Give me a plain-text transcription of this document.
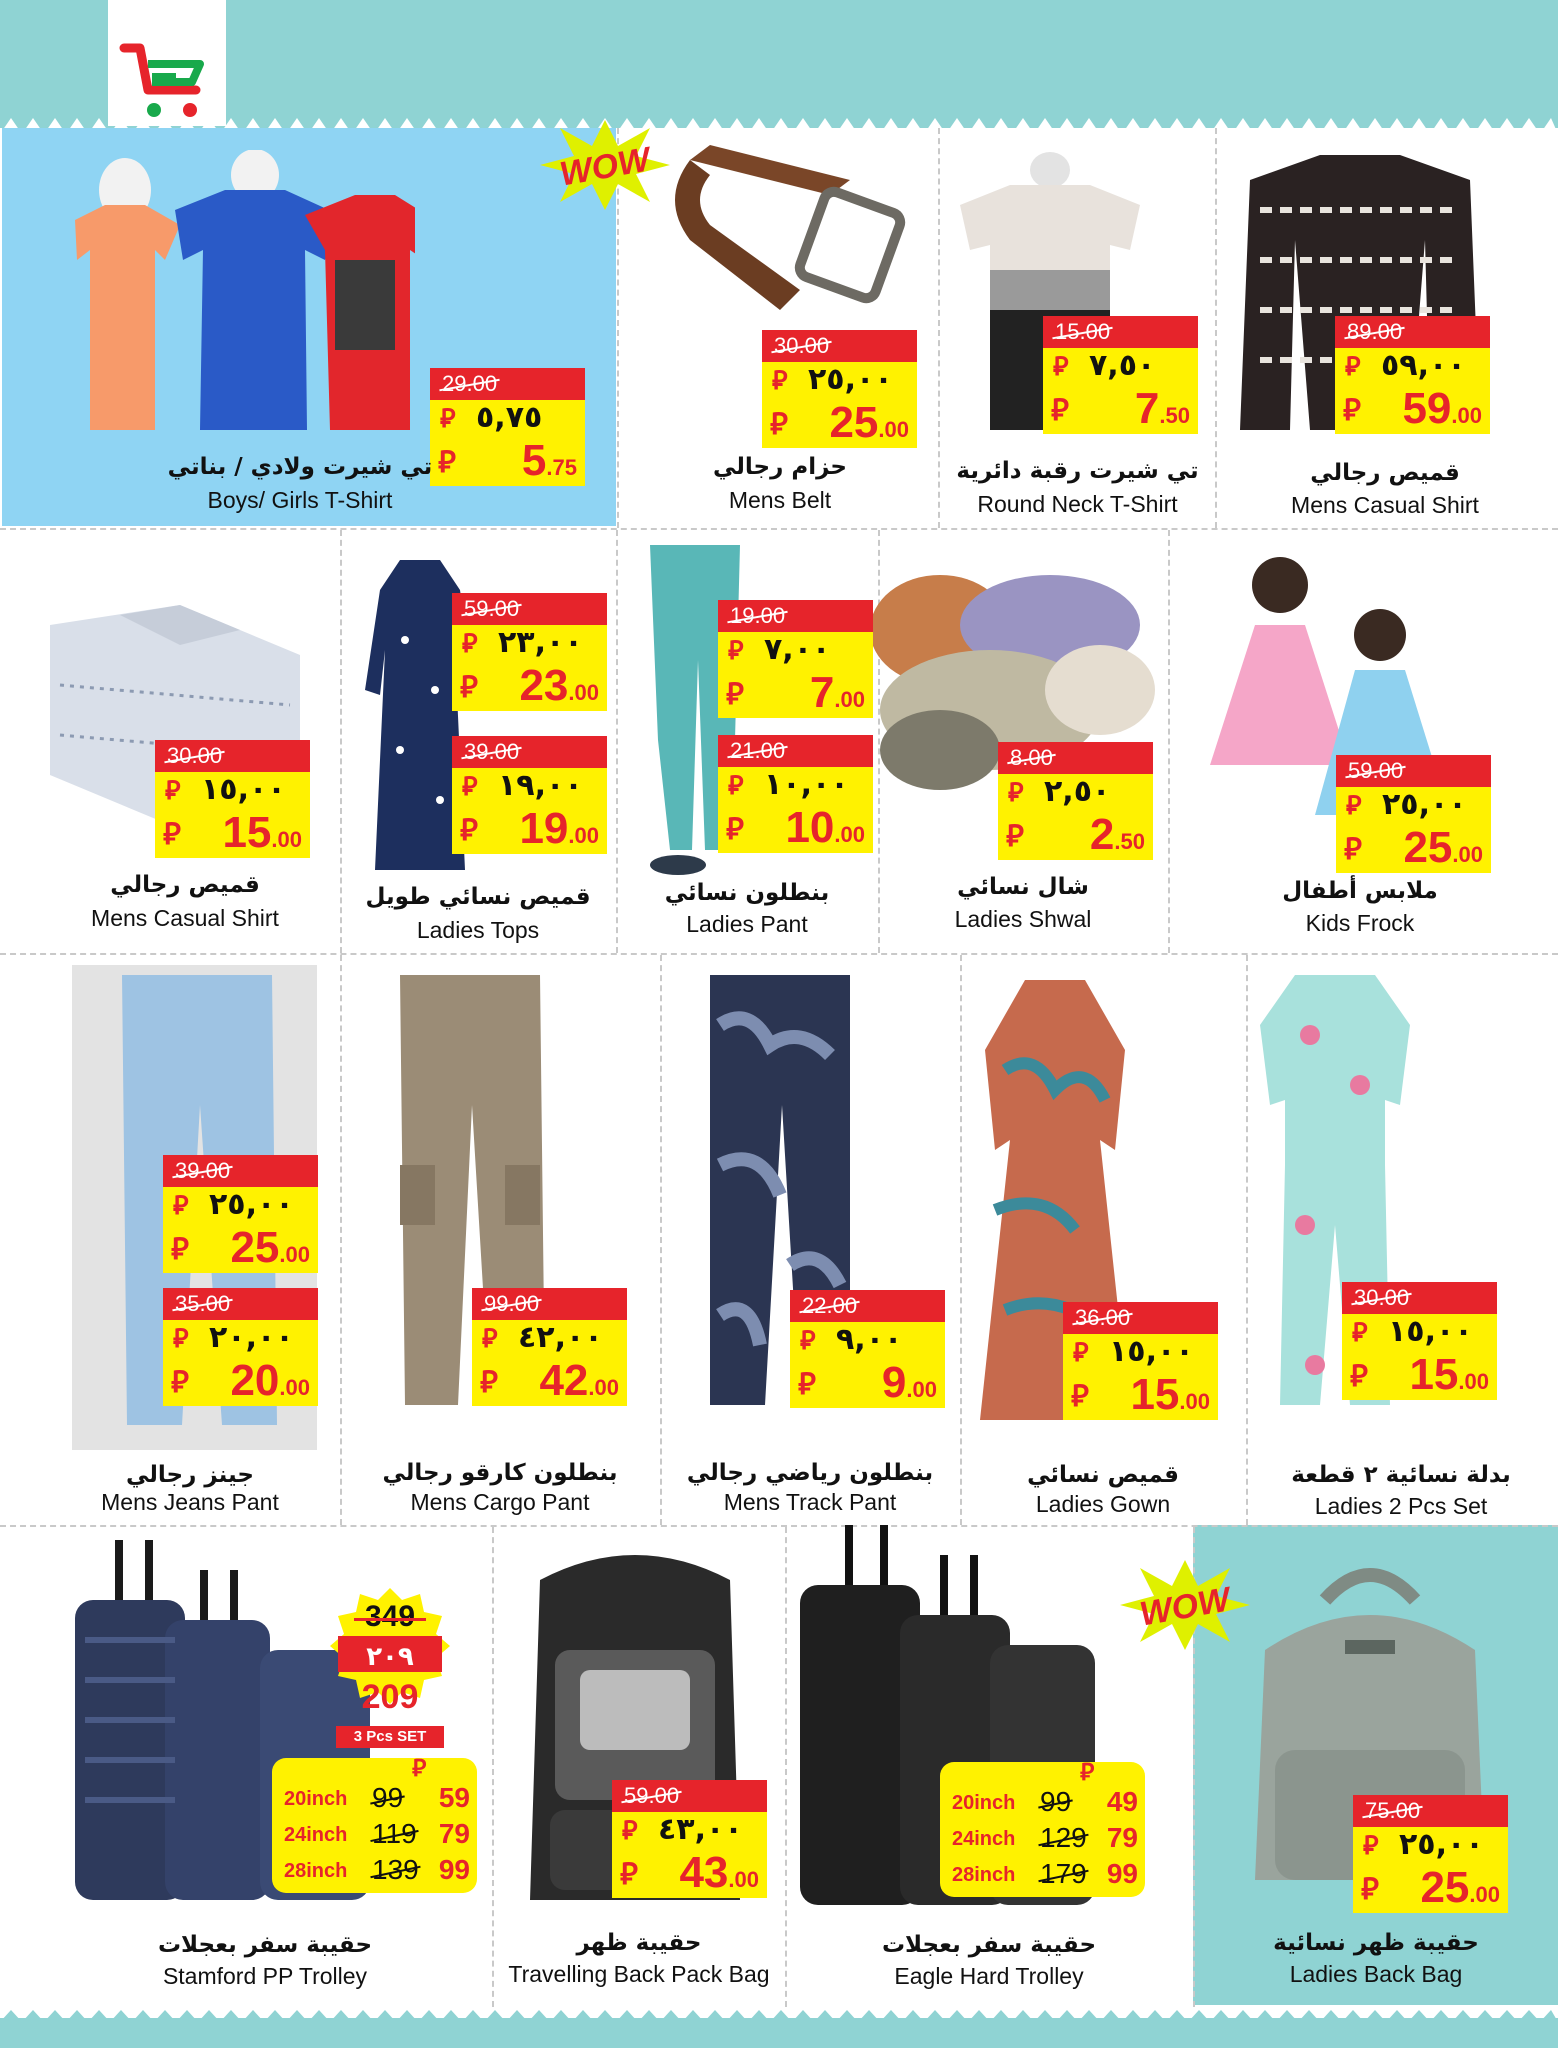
WOW
WOW
29.00
⃁ ٥,٧٥
⃁ 5.75
30.00
⃁ ٢٥,٠٠
⃁ 25.00
15.00
⃁ ٧,٥٠
⃁ 7.50
89.00
⃁ ٥٩,٠٠
⃁ 59.00
30.00
⃁ ١٥,٠٠
⃁ 15.00
59.00
⃁ ٢٣,٠٠
⃁ 23.00
39.00
⃁ ١٩,٠٠
⃁ 19.00
19.00
⃁ ٧,٠٠
⃁ 7.00
21.00
⃁ ١٠,٠٠
⃁ 10.00
8.00
⃁ ٢,٥٠
⃁ 2.50
59.00
⃁ ٢٥,٠٠
⃁ 25.00
39.00
⃁ ٢٥,٠٠
⃁ 25.00
35.00
⃁ ٢٠,٠٠
⃁ 20.00
99.00
⃁ ٤٢,٠٠
⃁ 42.00
22.00
⃁ ٩,٠٠
⃁ 9.00
36.00
⃁ ١٥,٠٠
⃁ 15.00
30.00
⃁ ١٥,٠٠
⃁ 15.00
349
٢٠٩
209
3 Pcs SET
⃁
20inch 99 59
24inch 119 79
28inch 139 99
59.00
⃁ ٤٣,٠٠
⃁ 43.00
⃁
20inch 99 49
24inch 129 79
28inch 179 99
75.00
⃁ ٢٥,٠٠
⃁ 25.00
تي شيرت ولادي / بناتي
Boys/ Girls T-Shirt
حزام رجالي
Mens Belt
تي شيرت رقبة دائرية
Round Neck T-Shirt
قميص رجالي
Mens Casual Shirt
قميص رجالي
Mens Casual Shirt
قميص نسائي طويل
Ladies Tops
بنطلون نسائي
Ladies Pant
شال نسائي
Ladies Shwal
ملابس أطفال
Kids Frock
جينز رجالي
Mens Jeans Pant
بنطلون كارقو رجالي
Mens Cargo Pant
بنطلون رياضي رجالي
Mens Track Pant
قميص نسائي
Ladies Gown
بدلة نسائية ٢ قطعة
Ladies 2 Pcs Set
حقيبة سفر بعجلات
Stamford PP Trolley
حقيبة ظهر
Travelling Back Pack Bag
حقيبة سفر بعجلات
Eagle Hard Trolley
حقيبة ظهر نسائية
Ladies Back Bag
